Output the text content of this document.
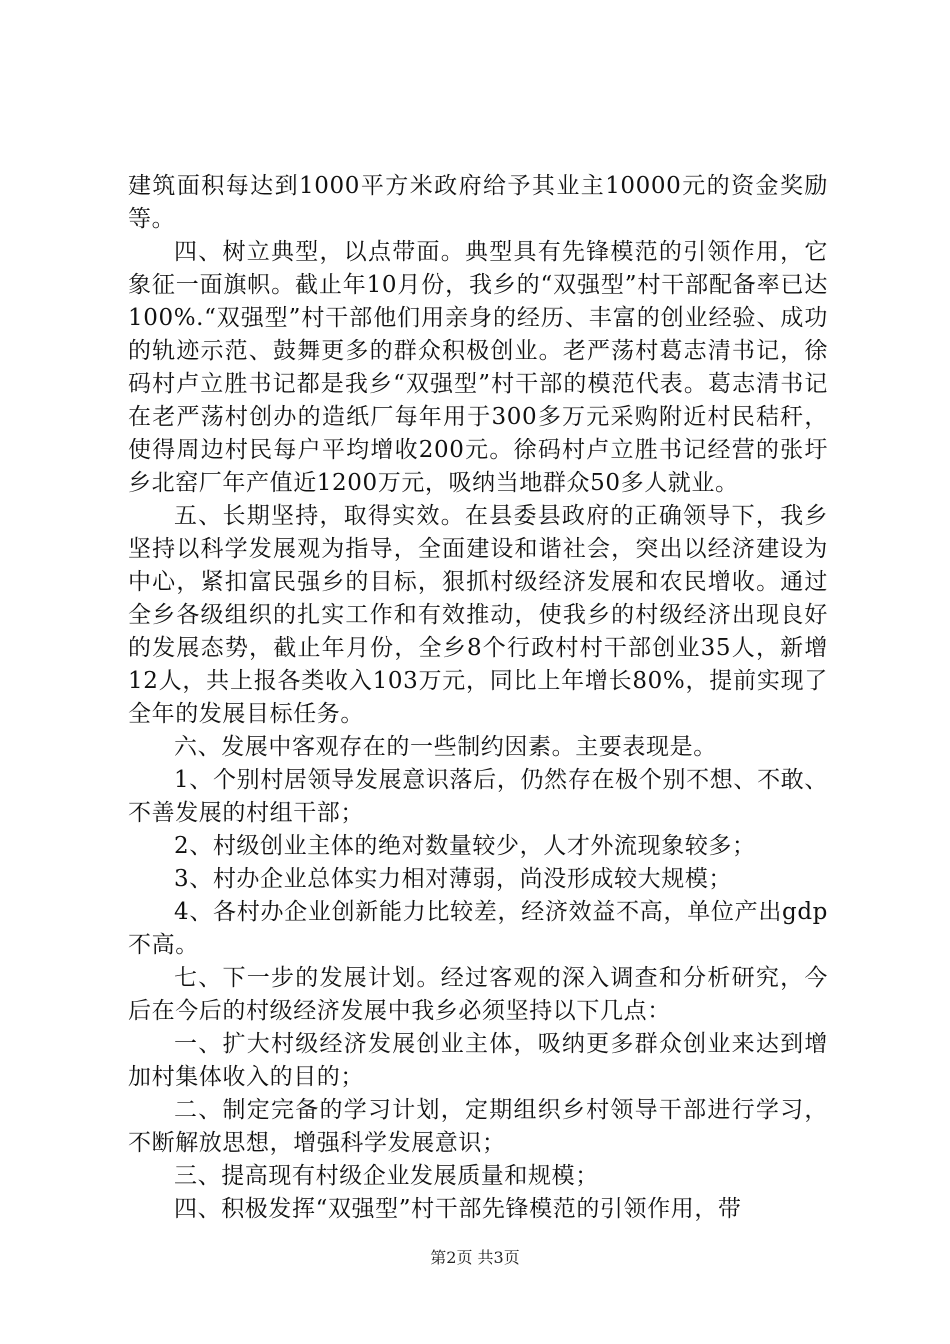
建筑面积每达到1000平方米政府给予其业主10000元的资金奖励等。

四、树立典型，以点带面。典型具有先锋模范的引领作用，它象征一面旗帜。截止年10月份，我乡的“双强型”村干部配备率已达100%.“双强型”村干部他们用亲身的经历、丰富的创业经验、成功的轨迹示范、鼓舞更多的群众积极创业。老严荡村葛志清书记，徐码村卢立胜书记都是我乡“双强型”村干部的模范代表。葛志清书记在老严荡村创办的造纸厂每年用于300多万元采购附近村民秸秆，使得周边村民每户平均增收200元。徐码村卢立胜书记经营的张圩乡北窑厂年产值近1200万元，吸纳当地群众50多人就业。

五、长期坚持，取得实效。在县委县政府的正确领导下，我乡坚持以科学发展观为指导，全面建设和谐社会，突出以经济建设为中心，紧扣富民强乡的目标，狠抓村级经济发展和农民增收。通过全乡各级组织的扎实工作和有效推动，使我乡的村级经济出现良好的发展态势，截止年月份，全乡8个行政村村干部创业35人，新增12人，共上报各类收入103万元，同比上年增长80%，提前实现了全年的发展目标任务。

六、发展中客观存在的一些制约因素。主要表现是。

1、个别村居领导发展意识落后，仍然存在极个别不想、不敢、不善发展的村组干部；

2、村级创业主体的绝对数量较少，人才外流现象较多；

3、村办企业总体实力相对薄弱，尚没形成较大规模；

4、各村办企业创新能力比较差，经济效益不高，单位产出gdp不高。

七、下一步的发展计划。经过客观的深入调查和分析研究，今后在今后的村级经济发展中我乡必须坚持以下几点：

一、扩大村级经济发展创业主体，吸纳更多群众创业来达到增加村集体收入的目的；

二、制定完备的学习计划，定期组织乡村领导干部进行学习，不断解放思想，增强科学发展意识；

三、提高现有村级企业发展质量和规模；

四、积极发挥“双强型”村干部先锋模范的引领作用，带

第2页 共3页
